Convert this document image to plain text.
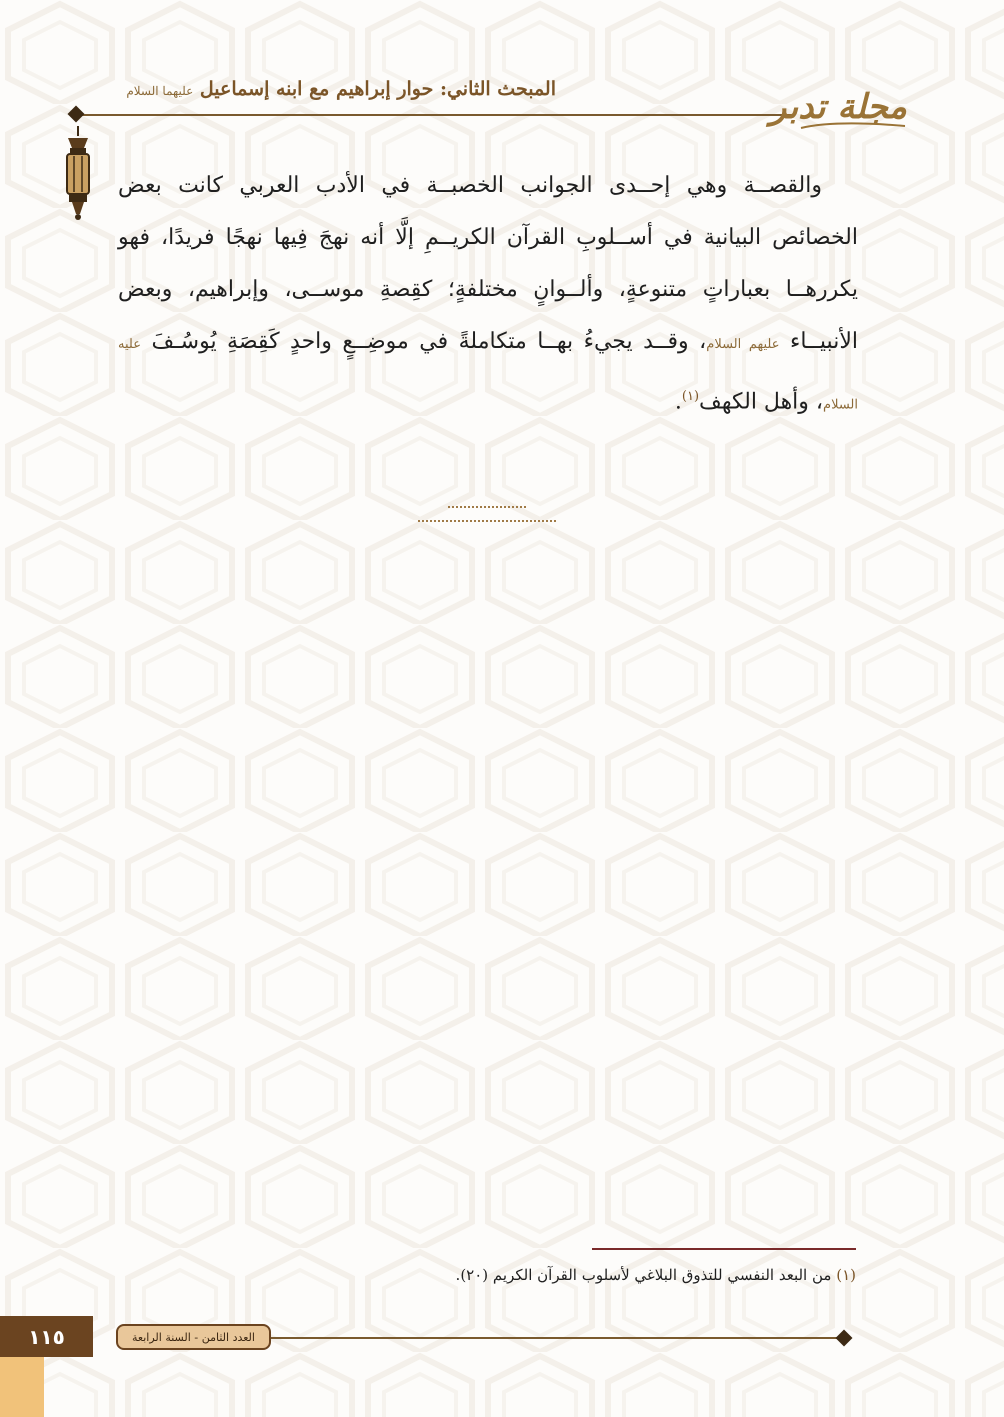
المبحث الثاني: حوار إبراهيم مع ابنه إسماعيل عليهما السلام	مجلة تدبر

والقصــة وهي إحــدى الجوانب الخصبــة في الأدب العربي كانت بعض الخصائص البيانية في أســلوبِ القرآن الكريــمِ إلَّا أنه نهجَ فِيها نهجًا فريدًا، فهو يكررهــا بعباراتٍ متنوعةٍ، وألــوانٍ مختلفةٍ؛ كقِصةِ موســى، وإبراهيم، وبعض الأنبيــاء عليهم السلام، وقــد يجيءُ بهــا متكاملةً في موضِــعٍ واحدٍ كَقِصَةِ يُوسُـفَ عليه السلام، وأهل الكهف$^{(١)}$.

(١) من البعد النفسي للتذوق البلاغي لأسلوب القرآن الكريم (٢٠).
١١٥	العدد الثامن - السنة الرابعة
